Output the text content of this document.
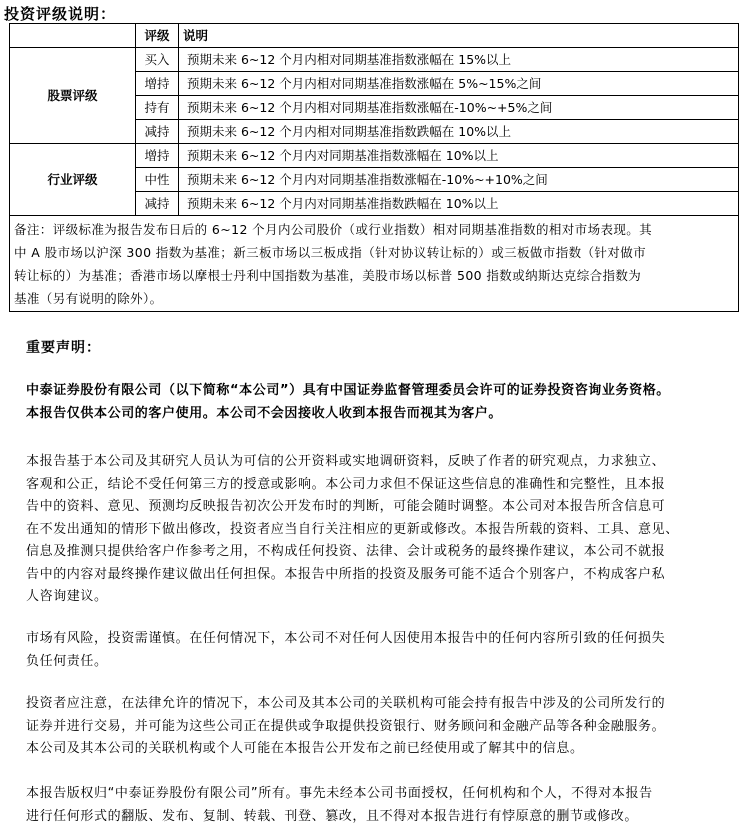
投资评级说明：
	评级	说明
股票评级	买入	预期未来 6~12 个月内相对同期基准指数涨幅在 15%以上
	增持	预期未来 6~12 个月内相对同期基准指数涨幅在 5%~15%之间
	持有	预期未来 6~12 个月内相对同期基准指数涨幅在-10%~+5%之间
	减持	预期未来 6~12 个月内相对同期基准指数跌幅在 10%以上
行业评级	增持	预期未来 6~12 个月内对同期基准指数涨幅在 10%以上
	中性	预期未来 6~12 个月内对同期基准指数涨幅在-10%~+10%之间
	减持	预期未来 6~12 个月内对同期基准指数跌幅在 10%以上

备注：评级标准为报告发布日后的 6~12 个月内公司股价（或行业指数）相对同期基准指数的相对市场表现。其
中 A 股市场以沪深 300 指数为基准；新三板市场以三板成指（针对协议转让标的）或三板做市指数（针对做市
转让标的）为基准；香港市场以摩根士丹利中国指数为基准，美股市场以标普 500 指数或纳斯达克综合指数为
基准（另有说明的除外）。		
重要声明：
中泰证券股份有限公司（以下简称“本公司”）具有中国证券监督管理委员会许可的证券投资咨询业务资格。
本报告仅供本公司的客户使用。本公司不会因接收人收到本报告而视其为客户。
本报告基于本公司及其研究人员认为可信的公开资料或实地调研资料，反映了作者的研究观点，力求独立、
客观和公正，结论不受任何第三方的授意或影响。本公司力求但不保证这些信息的准确性和完整性，且本报
告中的资料、意见、预测均反映报告初次公开发布时的判断，可能会随时调整。本公司对本报告所含信息可
在不发出通知的情形下做出修改，投资者应当自行关注相应的更新或修改。本报告所载的资料、工具、意见、
信息及推测只提供给客户作参考之用，不构成任何投资、法律、会计或税务的最终操作建议，本公司不就报
告中的内容对最终操作建议做出任何担保。本报告中所指的投资及服务可能不适合个别客户，不构成客户私
人咨询建议。
市场有风险，投资需谨慎。在任何情况下，本公司不对任何人因使用本报告中的任何内容所引致的任何损失
负任何责任。
投资者应注意，在法律允许的情况下，本公司及其本公司的关联机构可能会持有报告中涉及的公司所发行的
证券并进行交易，并可能为这些公司正在提供或争取提供投资银行、财务顾问和金融产品等各种金融服务。
本公司及其本公司的关联机构或个人可能在本报告公开发布之前已经使用或了解其中的信息。
本报告版权归“中泰证券股份有限公司”所有。事先未经本公司书面授权，任何机构和个人，不得对本报告
进行任何形式的翻版、发布、复制、转载、刊登、篡改，且不得对本报告进行有悖原意的删节或修改。
